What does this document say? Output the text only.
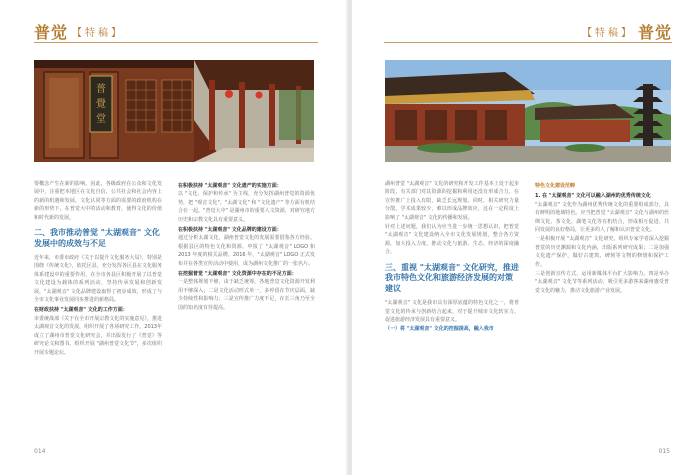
普觉 【特稿】
普
覺
堂

要概念产生在新的影响。因此，各级政府在公众和文化发展中，注重把本地区在文化自信、公共社会和社会内容上的新的机遇和发展、文化认同等方面的需要的政府机构在新的形势下，在普觉大中的活动和教育，使得文化的价值和时代新的发展。

二、我市推动普觉 "太湖观音" 文化发展中的成效与不足

近年来，市委市政府《关于以提升文化服务大局》，特别是围绕《传统文化》，依托区县，充分发挥各区县在文化服务体系建设中的重要作用，在全市各县区积极开展了以普觉文化建设为载体的系列活动，坚持传承发展和创新发展，"太湖观音" 文化品牌建设取得了初步成效，形成了与全市文化事业发展同步推进的新格局。

在财政扶持 "太湖观音" 文化的工作方面：

市委统战部《关于在全市开展宗教文化的实施意见》，推进太湖观音文化的发展，组织开展了各项研究工作。2013年成立了湖州市普觉文化研究会，并出版发行了《普觉》等研究论文和图书。组织开展 "湖州普觉文化节"，多次组织开展专题论坛。

在积极扶持 "太湖观音" 文化遗产的实施方面：

以 "文化、保护和传承" 为主线，充分发挥湖州普觉的资源优势，把 "观音文化"、"太湖文化" 和 "文化遗产" 等方面有机结合在一起。"普觉大中" 是湖州市的重要人文资源，对研究地方历史和宗教文化具有重要意义。

在积极扶持 "太湖观音" 文化品牌的建设方面：

通过分析太湖文化，湖州普觉文化的发展需要借鉴各方经验。根据县区的特色文化和资源，申报了 "太湖观音" LOGO 和 2013 年度的相关品牌。2016 年，"太湖观音" LOGO 正式发布并在各类宣传活动中使用，成为湖州文化推广的一张名片。

在挖掘普觉 "太湖观音" 文化资源中存在的不足方面：

一是整体规划不够，由于缺乏统筹，各地普觉文化资源开发利用不够深入；二是文化活动形式单一，多停留在节庆层面，缺少持续性和影响力；三是宣传推广力度不足，在长三角乃至全国的知名度有待提高。

014
【特稿】 普觉

湖州普觉 "太湖观音" 文化的研究和开发工作基本上处于起步阶段，有关部门对其资源的挖掘和利用还没有形成合力，在宣传推广上投入有限，缺乏长远规划。同时，相关研究力量分散，学术成果较少，难以形成品牌效应，这在一定程度上影响了 "太湖观音" 文化的传播和发展。

针对上述问题，我们认为应当进一步统一思想认识，把普觉 "太湖观音" 文化建设纳入全市文化发展规划，整合各方资源，加大投入力度，推动文化与旅游、生态、经济的深度融合。

三、重视 "太湖观音" 文化研究，推进我市特色文化和旅游经济发展的对策建议

"太湖观音" 文化是我市具有深厚底蕴的特色文化之一，将普觉文化的传承与创新结合起来，对于提升城市文化软实力、促进旅游经济发展具有重要意义。

（一）将 "太湖观音" 文化的挖掘提高，融入我市
特色文化建设范畴
1. 在 "太湖观音" 文化可以融入湖州的优秀传统文化

"太湖观音" 文化作为湖州优秀传统文化的重要组成部分，具有鲜明的地域特色。应当把普觉 "太湖观音" 文化与湖州的丝绸文化、茶文化、湖笔文化等有机结合，形成相互促进、共同发展的良好格局，让更多的人了解和认识普觉文化。

一是积极开展 "太湖观音" 文化研究，组织专家学者深入挖掘普觉的历史渊源和文化内涵，出版系列研究成果；二是加强文化遗产保护，做好古建筑、碑刻等文物的修缮和保护工作。

三是创新宣传方式，运用新媒体平台扩大影响力。四是举办 "太湖观音" 文化节等系列活动，吸引更多游客来湖州感受普觉文化的魅力，推动文化旅游产业发展。

015
